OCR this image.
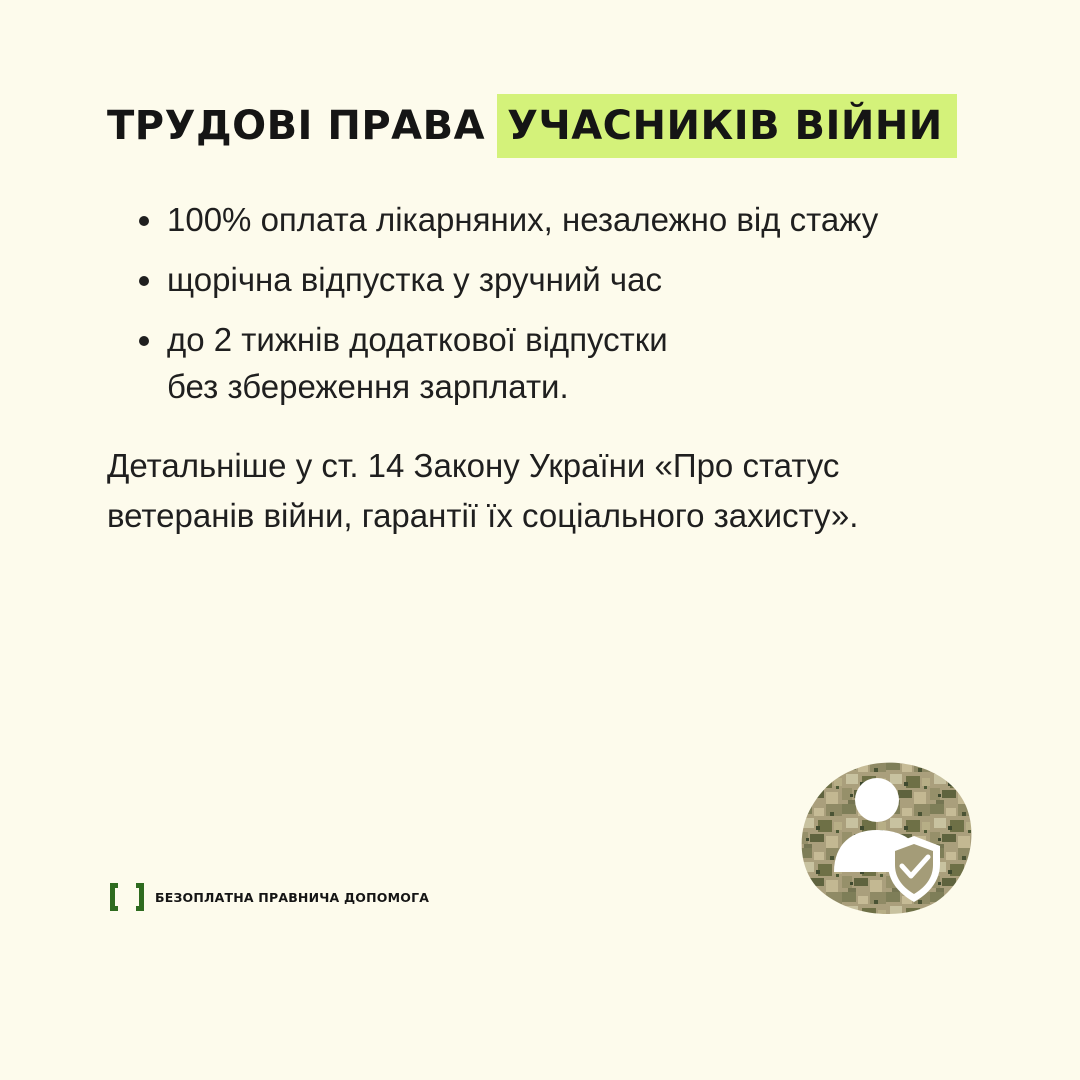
ТРУДОВІ ПРАВА УЧАСНИКІВ ВІЙНИ
100% оплата лікарняних, незалежно від стажу
щорічна відпустка у зручний час
до 2 тижнів додаткової відпустки
без збереження зарплати.

Детальніше у ст. 14 Закону України «Про статус
ветеранів війни, гарантії їх соціального захисту».

БЕЗОПЛАТНА ПРАВНИЧА ДОПОМОГА
